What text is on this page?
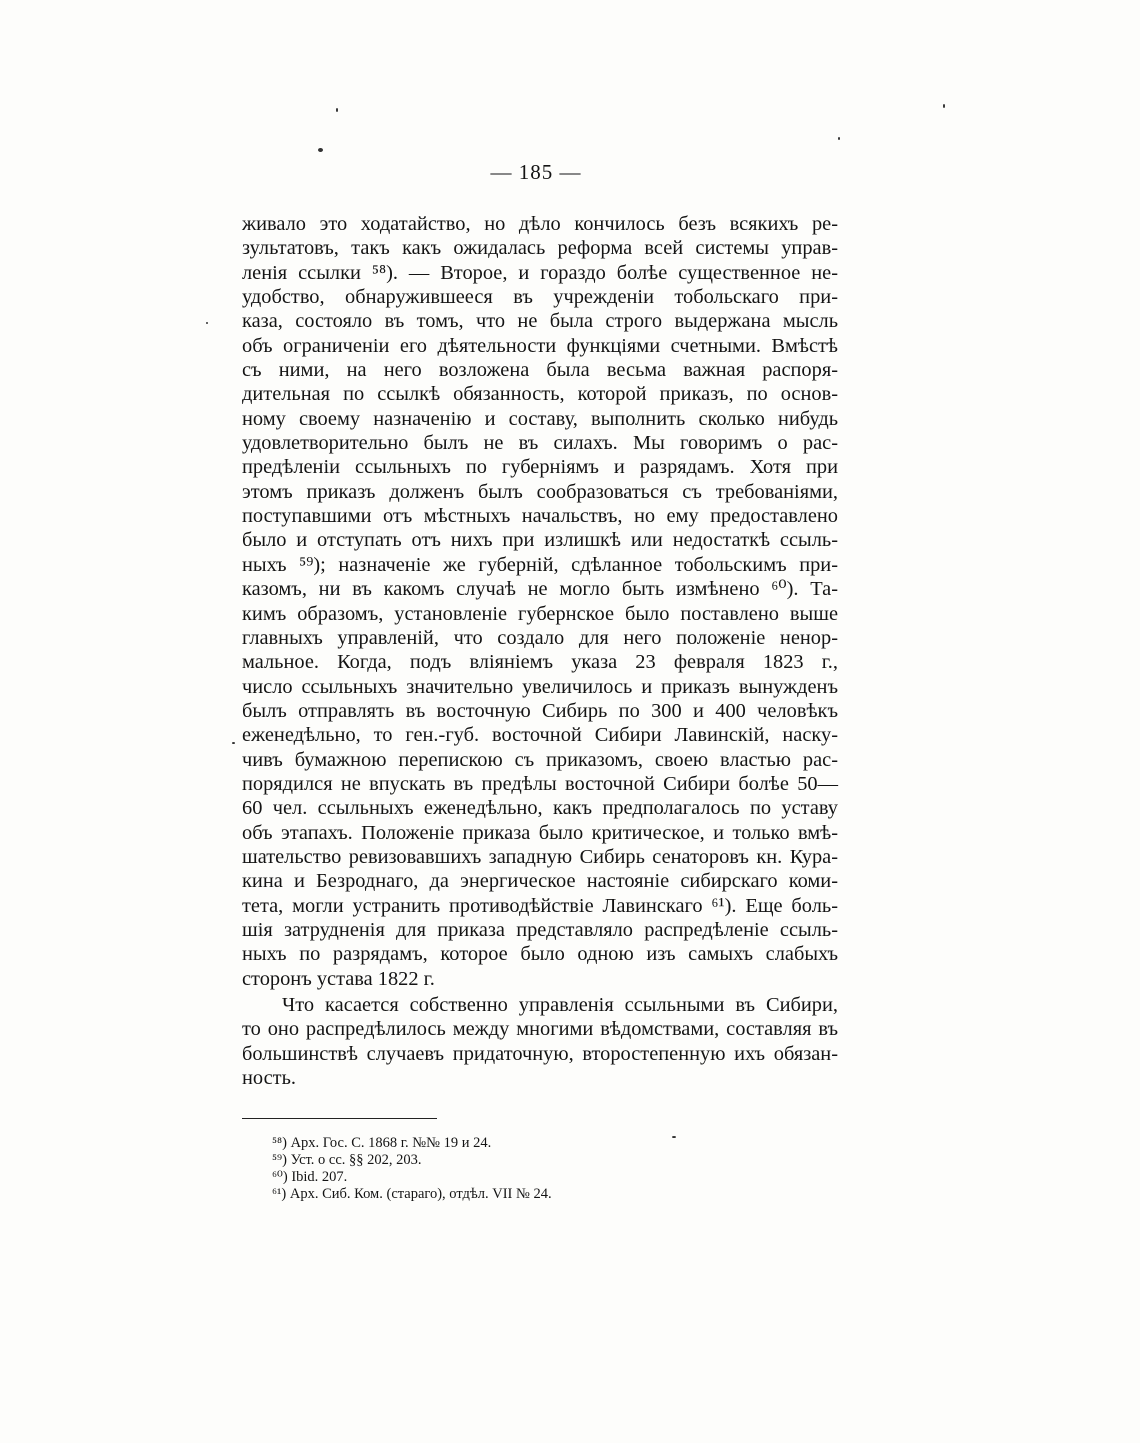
— 185 —
живало это ходатайство, но дѣло кончилось безъ всякихъ ре-
зультатовъ, такъ какъ ожидалась реформа всей системы управ-
ленія ссылки ⁵⁸). — Второе, и гораздо болѣе существенное не-
удобство, обнаружившееся въ учрежденіи тобольскаго при-
каза, состояло въ томъ, что не была строго выдержана мысль
объ ограниченіи его дѣятельности функціями счетными. Вмѣстѣ
съ ними, на него возложена была весьма важная распоря-
дительная по ссылкѣ обязанность, которой приказъ, по основ-
ному своему назначенію и составу, выполнить сколько нибудь
удовлетворительно былъ не въ силахъ. Мы говоримъ о рас-
предѣленіи ссыльныхъ по губерніямъ и разрядамъ. Хотя при
этомъ приказъ долженъ былъ сообразоваться съ требованіями,
поступавшими отъ мѣстныхъ начальствъ, но ему предоставлено
было и отступать отъ нихъ при излишкѣ или недостаткѣ ссыль-
ныхъ ⁵⁹); назначеніе же губерній, сдѣланное тобольскимъ при-
казомъ, ни въ какомъ случаѣ не могло быть измѣнено ⁶⁰). Та-
кимъ образомъ, установленіе губернское было поставлено выше
главныхъ управленій, что создало для него положеніе ненор-
мальное. Когда, подъ вліяніемъ указа 23 февраля 1823 г.,
число ссыльныхъ значительно увеличилось и приказъ вынужденъ
былъ отправлять въ восточную Сибирь по 300 и 400 человѣкъ
еженедѣльно, то ген.-губ. восточной Сибири Лавинскій, наску-
чивъ бумажною перепискою съ приказомъ, своею властью рас-
порядился не впускать въ предѣлы восточной Сибири болѣе 50—
60 чел. ссыльныхъ еженедѣльно, какъ предполагалось по уставу
объ этапахъ. Положеніе приказа было критическое, и только вмѣ-
шательство ревизовавшихъ западную Сибирь сенаторовъ кн. Кура-
кина и Безроднаго, да энергическое настояніе сибирскаго коми-
тета, могли устранить противодѣйствіе Лавинскаго ⁶¹). Еще боль-
шія затрудненія для приказа представляло распредѣленіе ссыль-
ныхъ по разрядамъ, которое было одною изъ самыхъ слабыхъ
сторонъ устава 1822 г.
Что касается собственно управленія ссыльными въ Сибири,
то оно распредѣлилось между многими вѣдомствами, составляя въ
большинствѣ случаевъ придаточную, второстепенную ихъ обязан-
ность.
⁵⁸) Арх. Гос. С. 1868 г. №№ 19 и 24.
⁵⁹) Уст. о сс. §§ 202, 203.
⁶⁰) Ibid. 207.
⁶¹) Арх. Сиб. Ком. (стараго), отдѣл. VII № 24.
